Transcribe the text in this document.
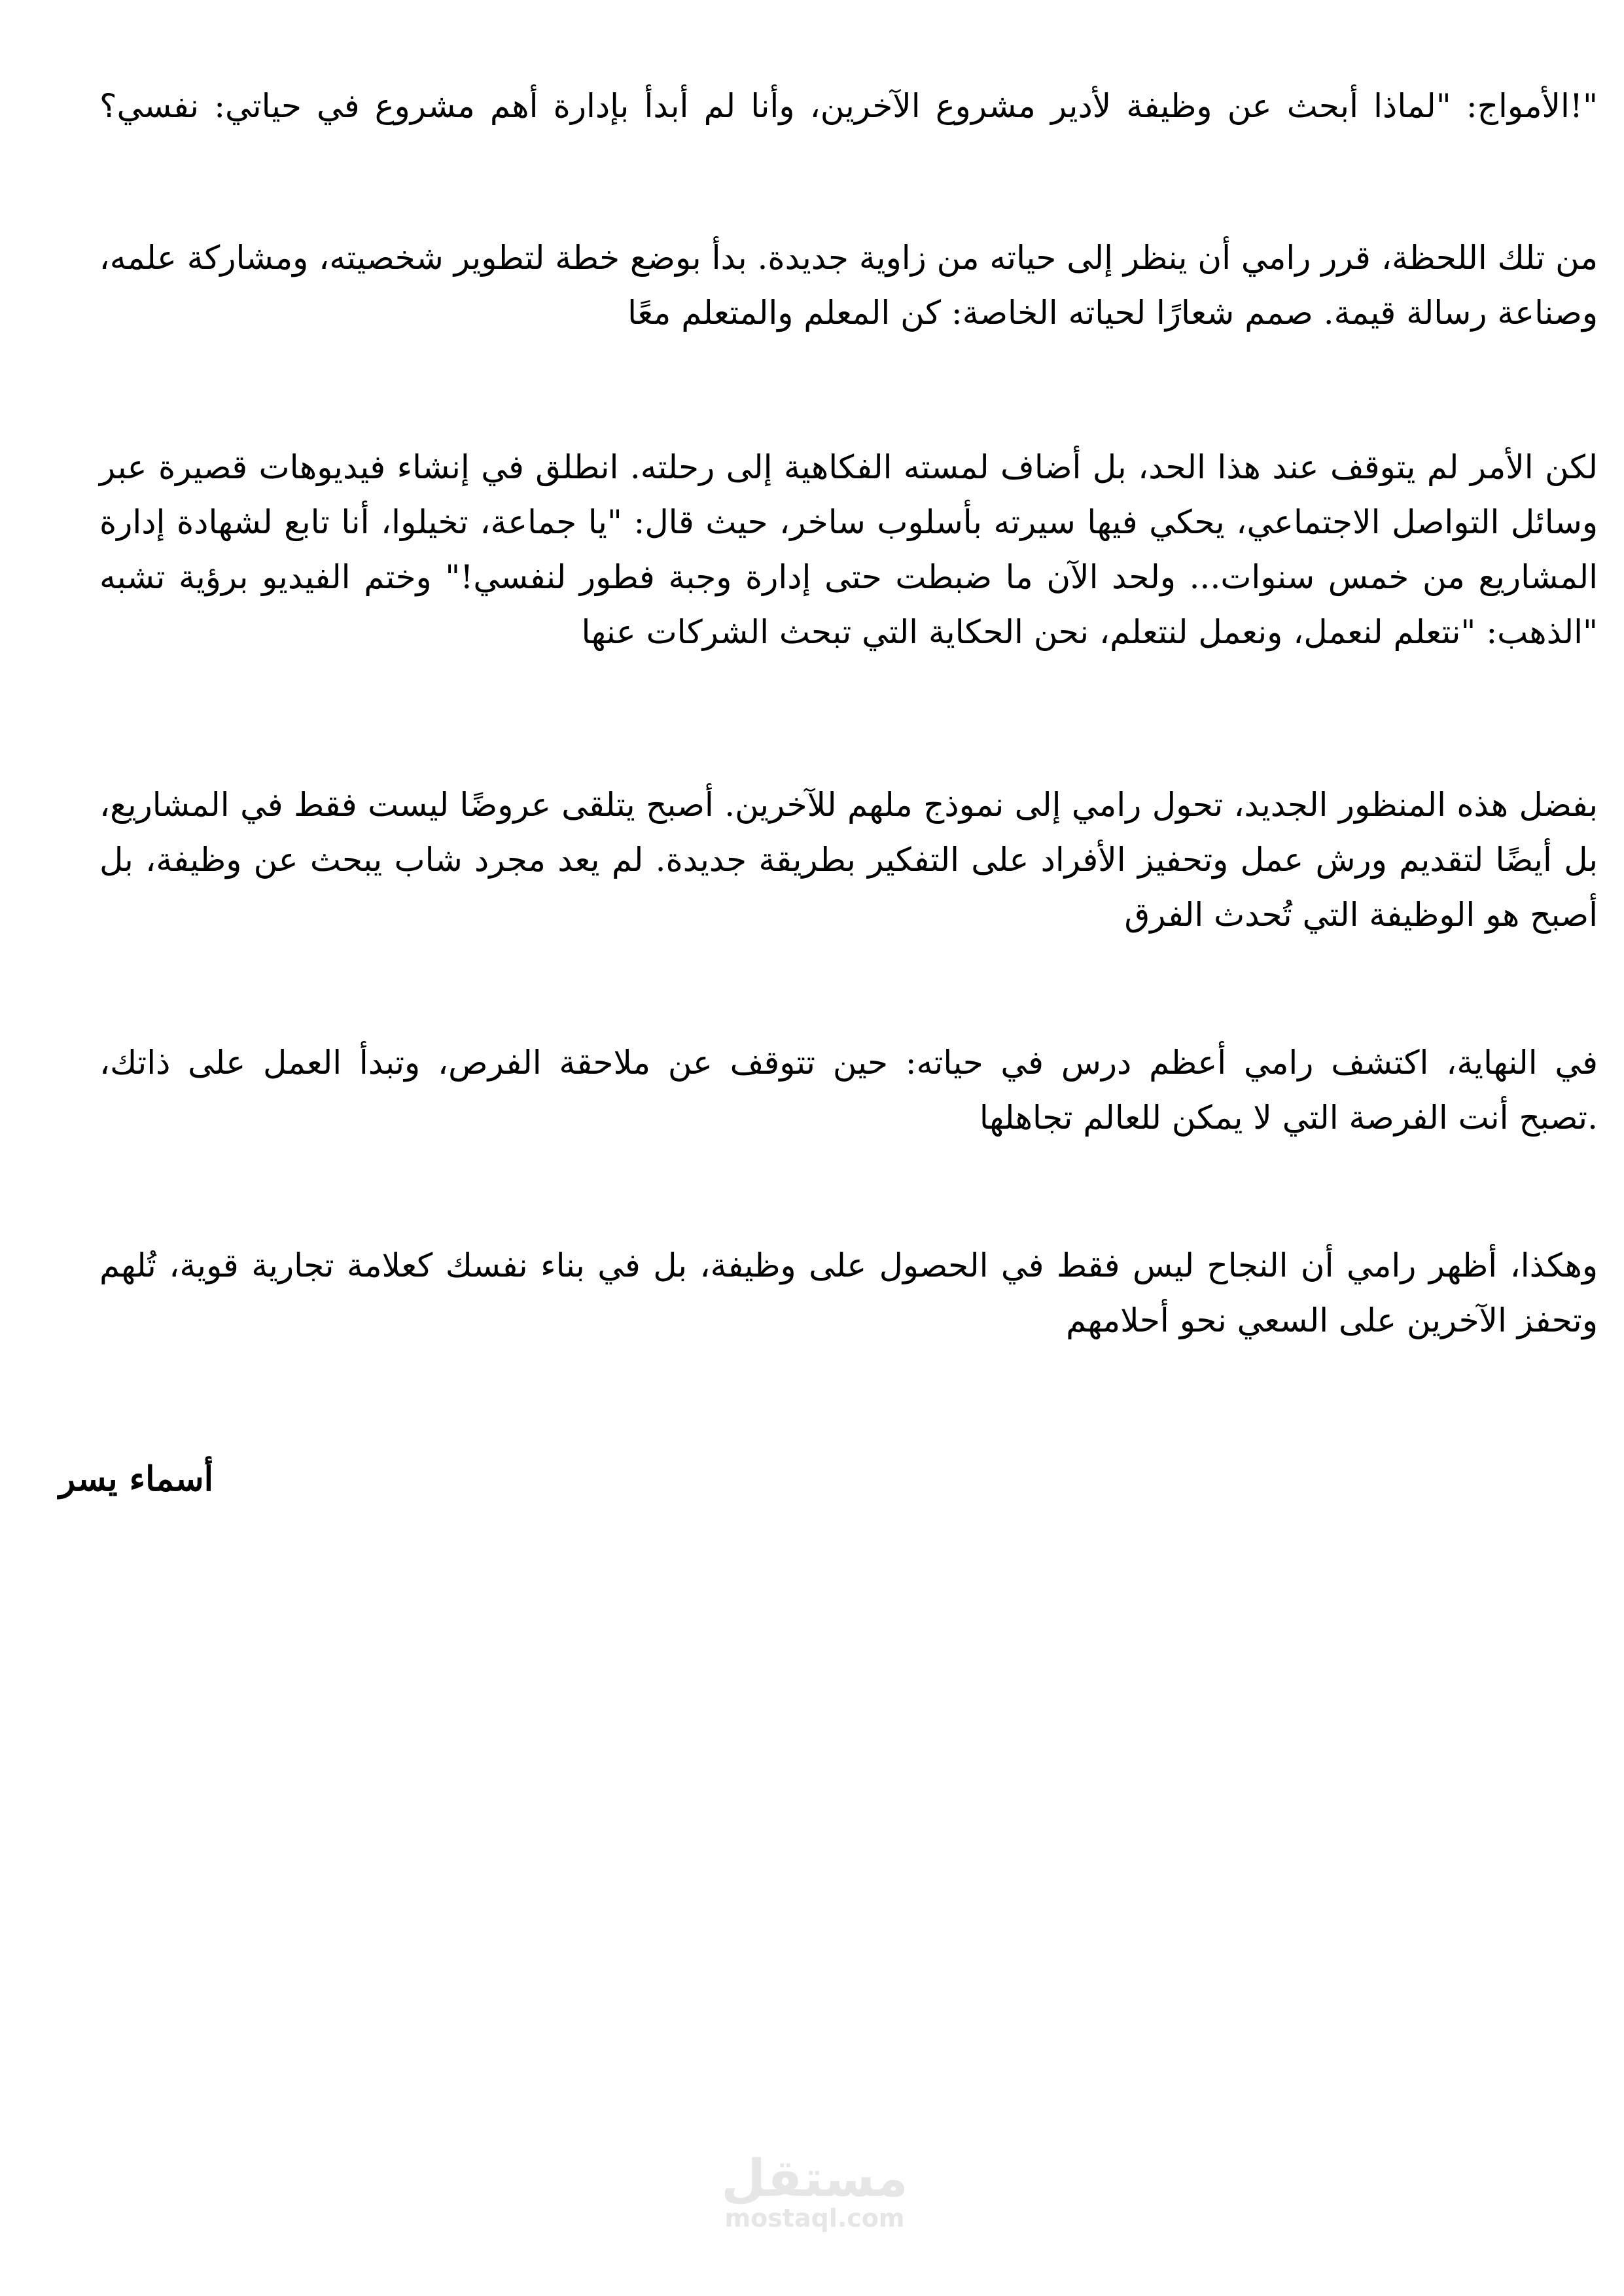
"!الأمواج: "لماذا أبحث عن وظيفة لأدير مشروع الآخرين، وأنا لم أبدأ بإدارة أهم مشروع في حياتي: نفسي؟
من تلك اللحظة، قرر رامي أن ينظر إلى حياته من زاوية جديدة. بدأ بوضع خطة لتطوير شخصيته، ومشاركة علمه،
وصناعة رسالة قيمة. صمم شعارًا لحياته الخاصة: كن المعلم والمتعلم معًا
لكن الأمر لم يتوقف عند هذا الحد، بل أضاف لمسته الفكاهية إلى رحلته. انطلق في إنشاء فيديوهات قصيرة عبر
وسائل التواصل الاجتماعي، يحكي فيها سيرته بأسلوب ساخر، حيث قال: "يا جماعة، تخيلوا، أنا تابع لشهادة إدارة
المشاريع من خمس سنوات... ولحد الآن ما ضبطت حتى إدارة وجبة فطور لنفسي!" وختم الفيديو برؤية تشبه
"الذهب: "نتعلم لنعمل، ونعمل لنتعلم، نحن الحكاية التي تبحث الشركات عنها
بفضل هذه المنظور الجديد، تحول رامي إلى نموذج ملهم للآخرين. أصبح يتلقى عروضًا ليست فقط في المشاريع،
بل أيضًا لتقديم ورش عمل وتحفيز الأفراد على التفكير بطريقة جديدة. لم يعد مجرد شاب يبحث عن وظيفة، بل
أصبح هو الوظيفة التي تُحدث الفرق
في النهاية، اكتشف رامي أعظم درس في حياته: حين تتوقف عن ملاحقة الفرص، وتبدأ العمل على ذاتك،
.تصبح أنت الفرصة التي لا يمكن للعالم تجاهلها
وهكذا، أظهر رامي أن النجاح ليس فقط في الحصول على وظيفة، بل في بناء نفسك كعلامة تجارية قوية، تُلهم
وتحفز الآخرين على السعي نحو أحلامهم
أسماء يسر
مستقل
mostaql.com
